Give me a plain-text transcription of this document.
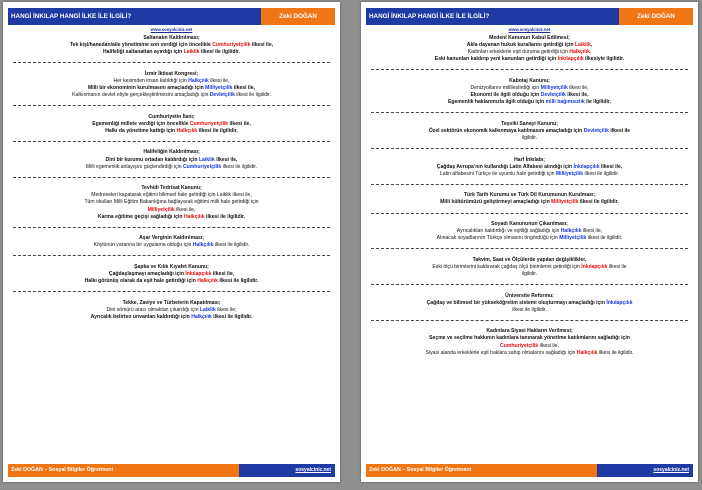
HANGİ İNKILAP HANGİ İLKE İLE İLGİLİ?	Zeki DOĞAN
www.sosyalciniz.net
Saltanatın Kaldırılması;
Tek kişi/hanedan/aile yönetimine son verdiği için öncelikle Cumhuriyetçilik ilkesi ile,
Halifeliği saltanattan ayırdığı için Laiklik ilkesi ile ilgilidir.
İzmir İktisat Kongresi;
Her kesimden insan katıldığı için Halkçılık ilkesi ile,
Milli bir ekonominin kurulmasını amaçladığı için Milliyetçilik ilkesi ile,
Kalkınmanın devlet eliyle gerçekleştirilmesini amaçladığı için Devletçilik ilkesi ile ilgilidir.
Cumhuriyetin İlanı;
Egemenliği millete verdiği için öncelikle Cumhuriyetçilik ilkesi ile,
Halkı da yönetime kattığı için Halkçılık ilkesi ile ilgilidir.
Halifeliğin Kaldırılması;
Dini bir kurumu ortadan kaldırdığı için Laiklik ilkesi ile,
Milli egemenlik anlayışını güçlendirdiği için Cumhuriyetçilik ilkesi ile ilgilidir.
Tevhidi Tedrisat Kanunu;
Medreseleri kapatarak eğitimi bilimsel hale getirdiği için Laiklik ilkesi ile,
Tüm okulları Milli Eğitim Bakanlığına bağlayarak eğitimi milli hale getirdiği için
Milliyetçilik ilkesi ile,
Karma eğitime geçişi sağladığı için Halkçılık ilkesi ile ilgilidir.
Aşar Verginin Kaldırılması;
Köylünün yararına bir uygulama olduğu için Halkçılık ilkesi ile ilgilidir.
Şapka ve Kılık Kıyafet Kanunu;
Çağdaşlaşmayı amaçladığı için İnkılapçılık ilkesi ile,
Halkı görünüş olarak da eşit hale getirdiği için Halkçılık ilkesi ile ilgilidir.
Tekke, Zaviye ve Türbelerin Kapatılması;
Dini sömürü aracı olmaktan çıkardığı için Laiklik ilkesi ile;
Ayrıcalık belirten unvanları kaldırdığı için Halkçılık ilkesi ile ilgilidir.
Zeki DOĞAN – Sosyal Bilgiler Öğretmeni	sosyalciniz.net
HANGİ İNKILAP HANGİ İLKE İLE İLGİLİ?	Zeki DOĞAN
www.sosyalciniz.net
Medeni Kanunun Kabul Edilmesi;
Akla dayanan hukuk kurallarını getirdiği için Laiklik,
Kadınları erkeklerle eşit duruma getirdiği için Halkçılık,
Eski kanunları kaldırıp yeni kanunları getirdiği için İnkılapçılık ilkesiyle ilgilidir.
Kabotaj Kanunu;
Denizyollarını millileştirdiği için Milliyetçilik ilkesi ile,
Ekonomi ile ilgili olduğu için Devletçilik ilkesi ile,
Egemenlik haklarımızla ilgili olduğu için milli bağımsızlık ile ilgilidir.
Teşviki Sanayi Kanunu;
Özel sektörün ekonomik kalkınmaya katılmasını amaçladığı için Devletçilik ilkesi ile
ilgilidir.
Harf İnkılabı;
Çağdaş Avrupa’nın kullandığı Latin Alfabesi alındığı için İnkılapçılık ilkesi ile,
Latin alfabesini Türkçe ile uyumlu hale getirdiği için Milliyetçilik ilkesi ile ilgilidir.
Türk Tarih Kurumu ve Türk Dil Kurumunun Kurulması;
Milli kültürümüzü geliştirmeyi amaçladığı için Milliyetçilik ilkesi ile ilgilidir.
Soyadı Kanununun Çıkarılması;
Ayrıcalıkları kaldırdığı ve eşitliği sağladığı için Halkçılık ilkesi ile,
Alınacak soyadlarının Türkçe olmasını öngördüğü için Milliyetçilik ilkesi ile ilgilidir.
Takvim, Saat ve Ölçülerde yapılan değişiklikler,
Eski ölçü birimlerini kaldırarak çağdaş ölçü birimlerini getirdiği için İnkılapçılık ilkesi ile
ilgilidir.
Üniversite Reformu;
Çağdaş ve bilimsel bir yükseköğretim sistemi oluşturmayı amaçladığı için İnkılapçılık
ilkesi ile ilgilidir.
Kadınlara Siyasi Hakların Verilmesi;
Seçme ve seçilme hakkının kadınlara tanınarak yönetime katılımlarını sağladığı için
Cumhuriyetçilik ilkesi ile,
Siyasi alanda erkeklerle eşit haklara sahip olmalarını sağladığı için Halkçılık ilkesi ile ilgilidir.
Zeki DOĞAN – Sosyal Bilgiler Öğretmeni	sosyalciniz.net
